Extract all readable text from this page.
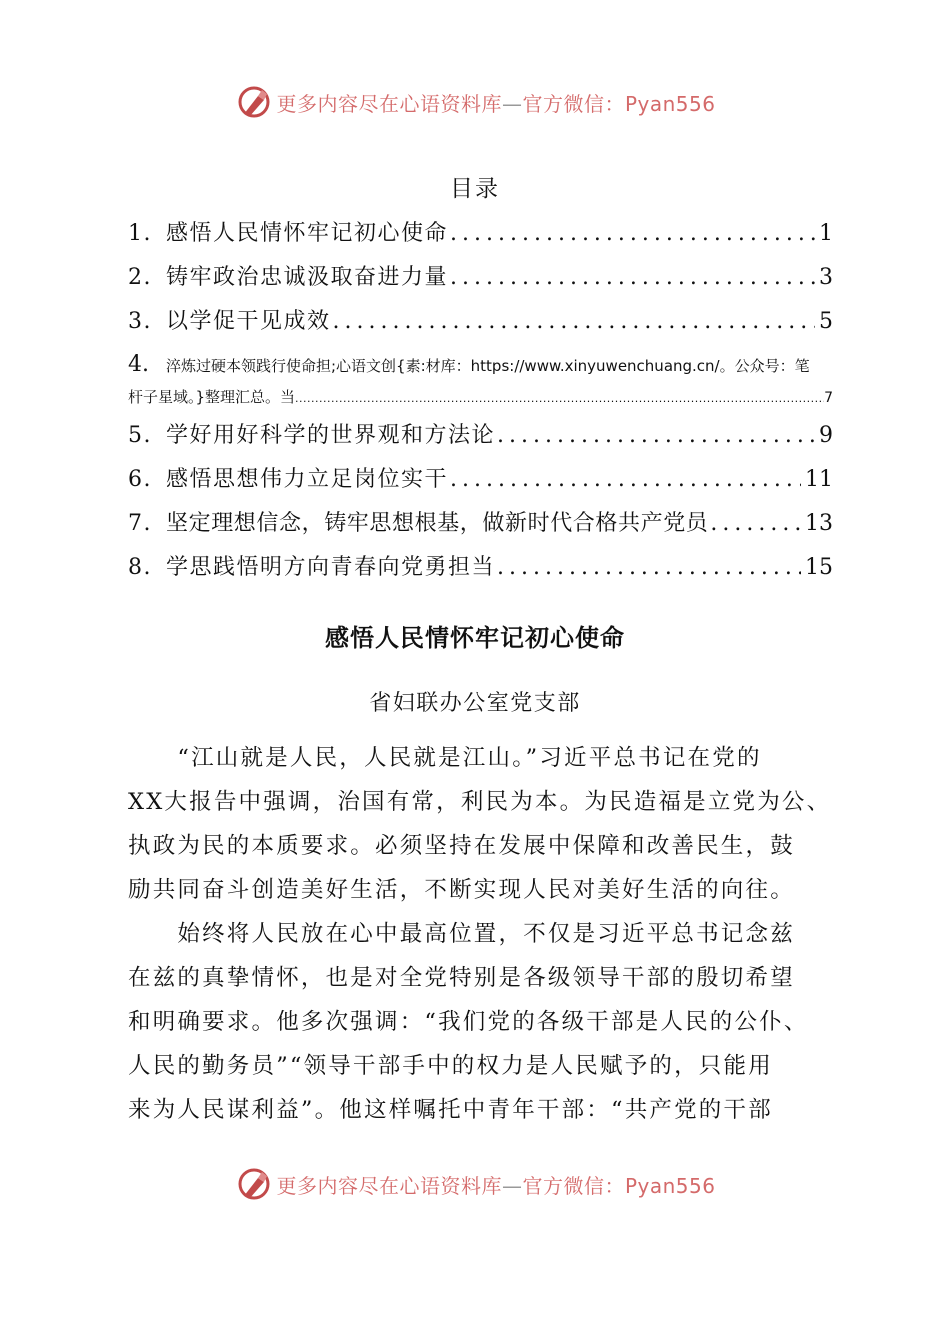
更多内容尽在心语资料库—官方微信：Pyan556
目录
1. 感悟人民情怀牢记初心使命 .....	1
2. 铸牢政治忠诚汲取奋进力量 .....	3
3. 以学促干见成效 .....	5
4.	淬炼过硬本领践行使命担;心语文创{素:材库：https://www.xinyuwenchuang.cn/。公众号：笔
杆子星域。}整理汇总。当 .....	7
5. 学好用好科学的世界观和方法论 .....	9
6. 感悟思想伟力立足岗位实干 .....	11
7. 坚定理想信念，铸牢思想根基，做新时代合格共产党员 .....	13
8. 学思践悟明方向青春向党勇担当 .....	15
感悟人民情怀牢记初心使命
省妇联办公室党支部
　　“江山就是人民，人民就是江山。”习近平总书记在党的
XX大报告中强调，治国有常，利民为本。为民造福是立党为公、
执政为民的本质要求。必须坚持在发展中保障和改善民生，鼓
励共同奋斗创造美好生活，不断实现人民对美好生活的向往。
　　始终将人民放在心中最高位置，不仅是习近平总书记念兹
在兹的真挚情怀，也是对全党特别是各级领导干部的殷切希望
和明确要求。他多次强调：“我们党的各级干部是人民的公仆、
人民的勤务员”“领导干部手中的权力是人民赋予的，只能用
来为人民谋利益”。他这样嘱托中青年干部：“共产党的干部
更多内容尽在心语资料库—官方微信：Pyan556
